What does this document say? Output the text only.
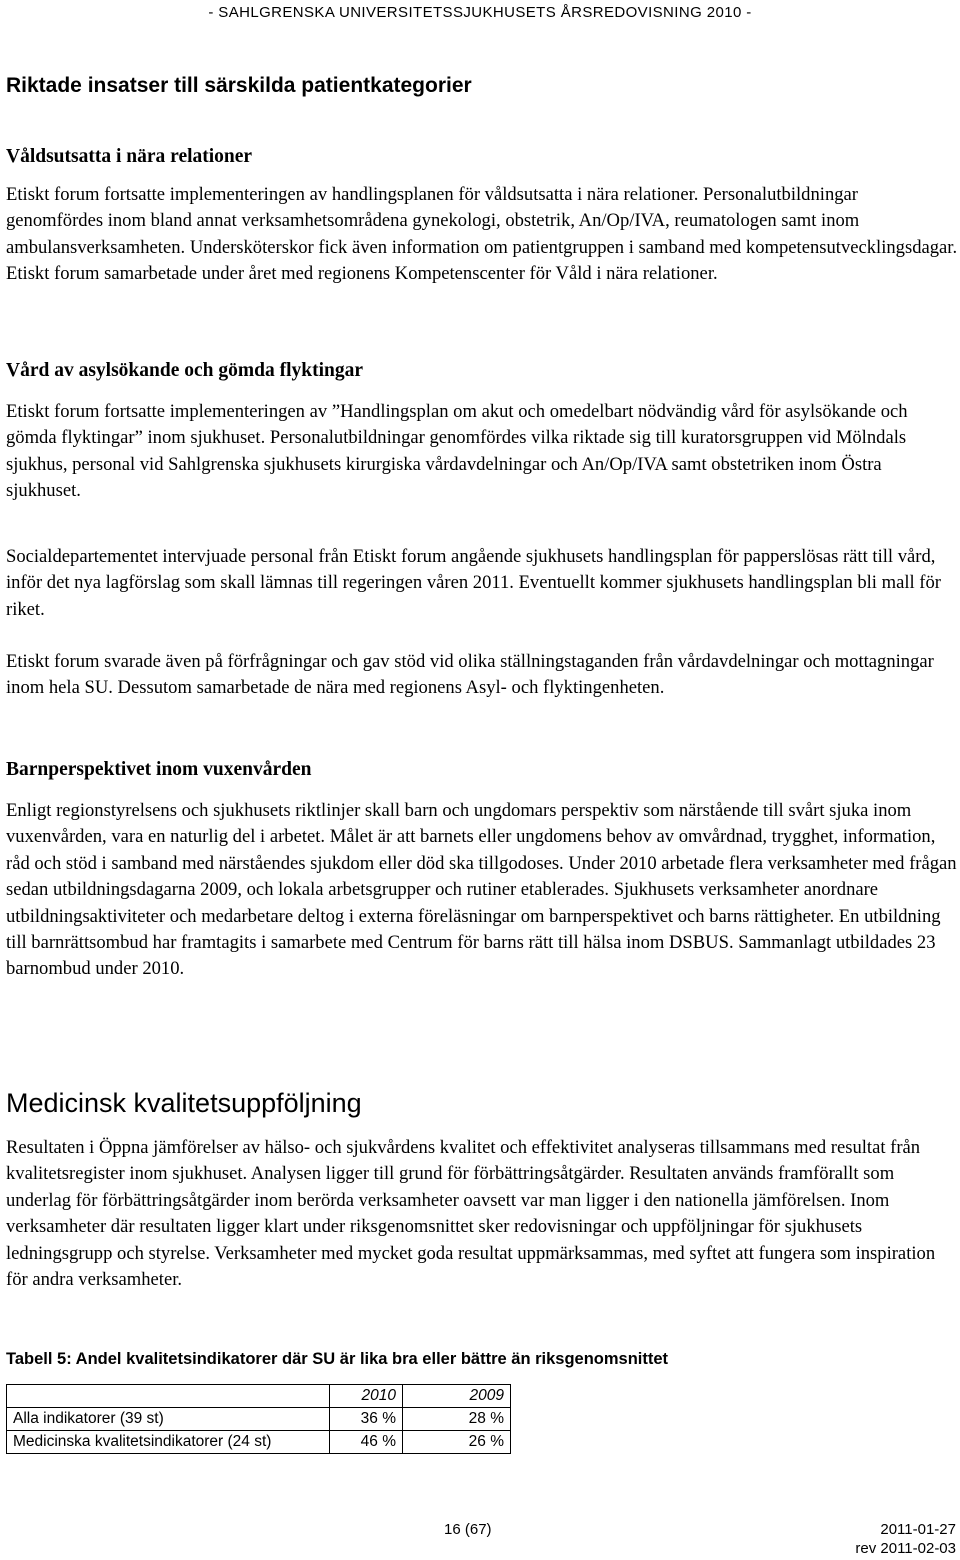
- SAHLGRENSKA UNIVERSITETSSJUKHUSETS ÅRSREDOVISNING 2010 -
Riktade insatser till särskilda patientkategorier
Våldsutsatta i nära relationer

Etiskt forum fortsatte implementeringen av handlingsplanen för våldsutsatta i nära relationer. Personalutbildningar genomfördes inom bland annat verksamhetsområdena gynekologi, obstetrik, An/Op/IVA, reumatologen samt inom ambulansverksamheten. Undersköterskor fick även information om patientgruppen i samband med kompetensutvecklingsdagar. Etiskt forum samarbetade under året med regionens Kompetenscenter för Våld i nära relationer.

Vård av asylsökande och gömda flyktingar

Etiskt forum fortsatte implementeringen av ”Handlingsplan om akut och omedelbart nödvändig vård för asylsökande och gömda flyktingar” inom sjukhuset. Personalutbildningar genomfördes vilka riktade sig till kuratorsgruppen vid Mölndals sjukhus, personal vid Sahlgrenska sjukhusets kirurgiska vårdavdelningar och An/Op/IVA samt obstetriken inom Östra sjukhuset.

Socialdepartementet intervjuade personal från Etiskt forum angående sjukhusets handlingsplan för papperslösas rätt till vård, inför det nya lagförslag som skall lämnas till regeringen våren 2011. Eventuellt kommer sjukhusets handlingsplan bli mall för riket.

Etiskt forum svarade även på förfrågningar och gav stöd vid olika ställningstaganden från vårdavdelningar och mottagningar inom hela SU. Dessutom samarbetade de nära med regionens Asyl- och flyktingenheten.

Barnperspektivet inom vuxenvården

Enligt regionstyrelsens och sjukhusets riktlinjer skall barn och ungdomars perspektiv som närstående till svårt sjuka inom vuxenvården, vara en naturlig del i arbetet. Målet är att barnets eller ungdomens behov av omvårdnad, trygghet, information, råd och stöd i samband med närståendes sjukdom eller död ska tillgodoses. Under 2010 arbetade flera verksamheter med frågan sedan utbildningsdagarna 2009, och lokala arbetsgrupper och rutiner etablerades. Sjukhusets verksamheter anordnare utbildningsaktiviteter och medarbetare deltog i externa föreläsningar om barnperspektivet och barns rättigheter. En utbildning till barnrättsombud har framtagits i samarbete med Centrum för barns rätt till hälsa inom DSBUS. Sammanlagt utbildades 23 barnombud under 2010.

Medicinsk kvalitetsuppföljning

Resultaten i Öppna jämförelser av hälso- och sjukvårdens kvalitet och effektivitet analyseras tillsammans med resultat från kvalitetsregister inom sjukhuset. Analysen ligger till grund för förbättringsåtgärder. Resultaten används framförallt som underlag för förbättringsåtgärder inom berörda verksamheter oavsett var man ligger i den nationella jämförelsen. Inom verksamheter där resultaten ligger klart under riksgenomsnittet sker redovisningar och uppföljningar för sjukhusets ledningsgrupp och styrelse. Verksamheter med mycket goda resultat uppmärksammas, med syftet att fungera som inspiration för andra verksamheter.

Tabell 5: Andel kvalitetsindikatorer där SU är lika bra eller bättre än riksgenomsnittet
	2010	2009
Alla indikatorer (39 st)	36 %	28 %
Medicinska kvalitetsindikatorer (24 st)	46 %	26 %
16 (67)	2011-01-27
rev 2011-02-03
